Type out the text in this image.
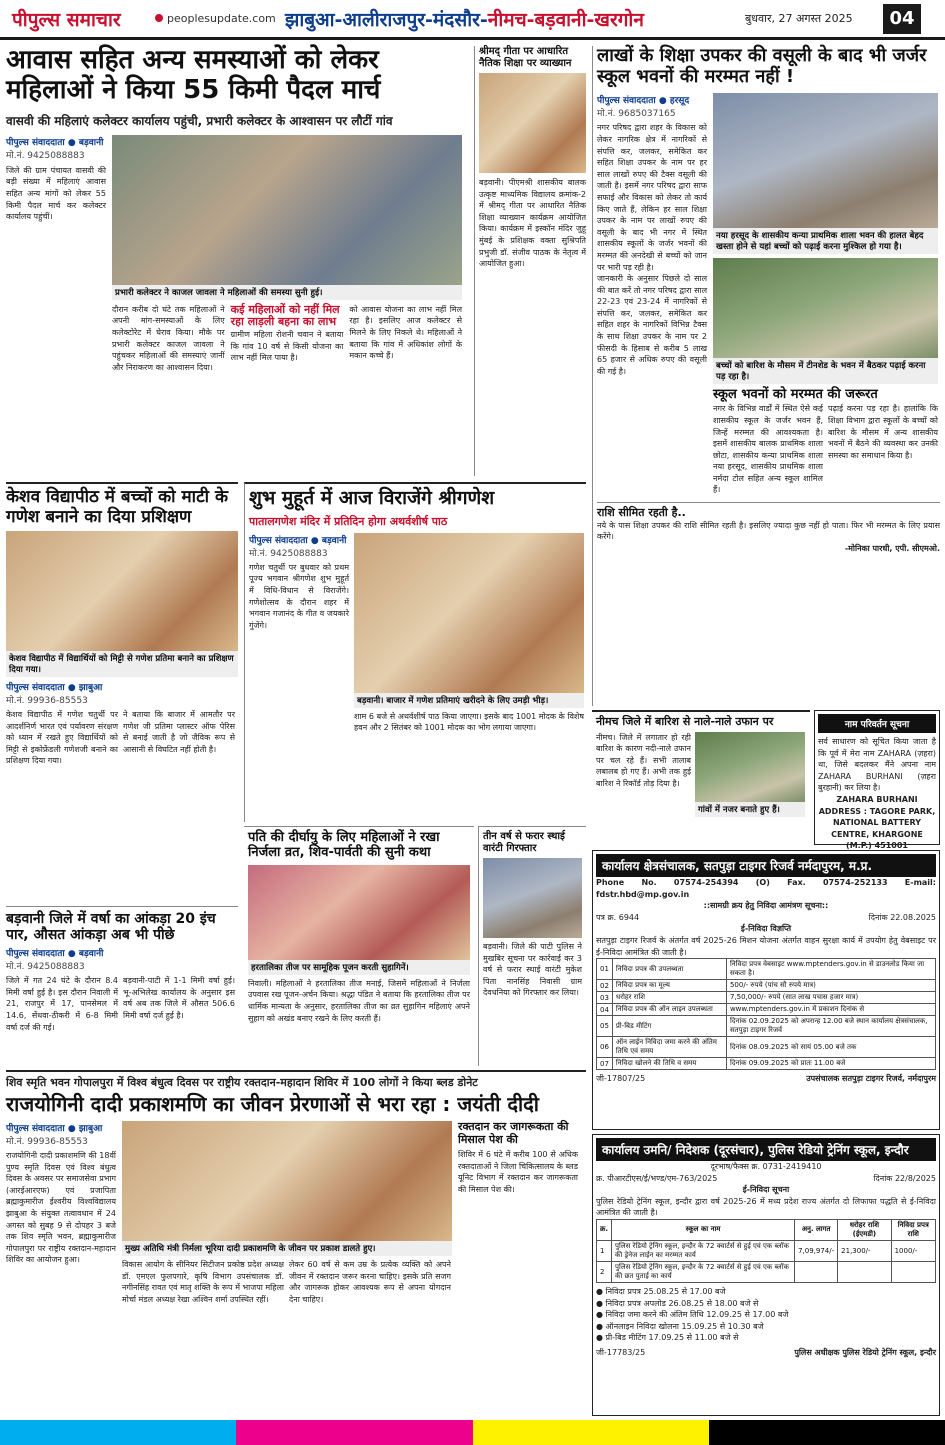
पीपुल्स समाचार	peoplesupdate.com झाबुआ-आलीराजपुर-मंदसौर-नीमच-बड़वानी-खरगोन	बुधवार, 27 अगस्त 2025	04
आवास सहित अन्य समस्याओं को लेकर महिलाओं ने किया 55 किमी पैदल मार्च
वासवी की महिलाएं कलेक्टर कार्यालय पहुंची, प्रभारी कलेक्टर के आश्वासन पर लौटीं गांव
पीपुल्स संवाददाता ● बड़वानी
मो.नं. 9425088883
जिले की ग्राम पंचायत वासवी की बड़ी संख्या में महिलाएं आवास सहित अन्य मांगों को लेकर 55 किमी पैदल मार्च कर कलेक्टर कार्यालय पहुंचीं।
प्रभारी कलेक्टर ने काजल जावला ने महिलाओं की समस्या सुनी हुई।
दौरान करीब दो घंटे तक महिलाओं ने अपनी मांग-समस्याओं के लिए कलेक्टोरेट में घेराव किया। मौके पर प्रभारी कलेक्टर काजल जावला ने पहुंचकर महिलाओं की समस्याएं जानीं और निराकरण का आश्वासन दिया।
कई महिलाओं को नहीं मिल रहा लाड़ली बहना का लाभ
ग्रामीण महिला रोशनी चवान ने बताया कि गांव 10 वर्ष से किसी योजना का लाभ नहीं मिल पाया है।
को आवास योजना का लाभ नहीं मिल रहा है। इसलिए आज कलेक्टर से मिलने के लिए निकले थे। महिलाओं ने बताया कि गांव में अधिकांश लोगों के मकान कच्चे हैं।
श्रीमद् गीता पर आधारित नैतिक शिक्षा पर व्याख्यान
बड़वानी। पीएमश्री शासकीय बालक उत्कृष्ट माध्यमिक विद्यालय क्रमांक-2 में श्रीमद् गीता पर आधारित नैतिक शिक्षा व्याख्यान कार्यक्रम आयोजित किया। कार्यक्रम में इस्कॉन मंदिर जुहू मुंबई के प्रशिक्षक वक्ता सुश्रिपति प्रभुजी डॉ. संजीव पाठक के नेतृत्व में आयोजित हुआ।
लाखों के शिक्षा उपकर की वसूली के बाद भी जर्जर स्कूल भवनों की मरम्मत नहीं !
पीपुल्स संवाददाता ● हरसूद
मो.नं. 9685037165
नगर परिषद द्वारा शहर के विकास को लेकर नागरिक क्षेत्र में नागरिकों से संपत्ति कर, जलकर, समेकित कर सहित शिक्षा उपकर के नाम पर हर साल लाखों रुपए की टैक्स वसूली की जाती है। इसमें नगर परिषद द्वारा साफ सफाई और विकास को लेकर तो कार्य किए जाते हैं, लेकिन हर साल शिक्षा उपकर के नाम पर लाखों रुपए की वसूली के बाद भी नगर में स्थित शासकीय स्कूलों के जर्जर भवनों की मरम्मत की अनदेखी से बच्चों को जान पर भारी पड़ रही है।
जानकारी के अनुसार पिछले दो साल की बात करें तो नगर परिषद द्वारा साल 22-23 एवं 23-24 में नागरिकों से संपत्ति कर, जलकर, समेकित कर सहित शहर के नागरिकों विभिन्न टैक्स के साथ शिक्षा उपकर के नाम पर 2 फीसदी के हिसाब से करीब 5 लाख 65 हजार से अधिक रुपए की वसूली की गई है।
नया हरसूद के शासकीय कन्या प्राथमिक शाला भवन की हालत बेहद खस्ता होने से यहां बच्चों को पढ़ाई करना मुश्किल हो गया है।
बच्चों को बारिश के मौसम में टीनशेड के भवन में बैठकर पढ़ाई करना पड़ रहा है।
स्कूल भवनों को मरम्मत की जरूरत
नगर के विभिन्न वार्डों में स्थित ऐसे कई शासकीय स्कूल के जर्जर भवन हैं, जिन्हें मरम्मत की आवश्यकता है। इसमें शासकीय बालक प्राथमिक शाला छोटा, शासकीय कन्या प्राथमिक शाला नया हरसूद, शासकीय प्राथमिक शाला नर्मदा टोल सहित अन्य स्कूल शामिल हैं।
पढ़ाई करना पड़ रहा है। हालांकि कि शिक्षा विभाग द्वारा स्कूलों के बच्चों को बारिश के मौसम में अन्य शासकीय भवनों में बैठने की व्यवस्था कर उनकी समस्या का समाधान किया है।
राशि सीमित रहती है..
नये के पास शिक्षा उपकर की राशि सीमित रहती है। इसलिए ज्यादा कुछ नहीं हो पाता। फिर भी मरम्मत के लिए प्रयास करेंगे।
-मोनिका पारधी, एपी. सीएमओ.
केशव विद्यापीठ में बच्चों को माटी के गणेश बनाने का दिया प्रशिक्षण
केशव विद्यापीठ में विद्यार्थियों को मिट्टी से गणेश प्रतिमा बनाने का प्रशिक्षण दिया गया।
पीपुल्स संवाददाता ● झाबुआ
मो.नं. 99936-85553
केशव विद्यापीठ में गणेश चतुर्थी पर आदर्शनिर्ण भारत एवं पर्यावरण संरक्षण को ध्यान में रखते हुए विद्यार्थियों को मिट्टी से इकोफ्रेंडली गणेशजी बनाने का प्रशिक्षण दिया गया।
ने बताया कि बाजार में आमतौर पर गणेश जी प्रतिमा प्लास्टर ऑफ पेरिस से बनाई जाती है जो जैविक रूप से आसानी से विघटित नहीं होती है।
शुभ मुहूर्त में आज विराजेंगे श्रीगणेश
पातालगणेश मंदिर में प्रतिदिन होगा अथर्वशीर्ष पाठ
पीपुल्स संवाददाता ● बड़वानी
मो.नं. 9425088883
गणेश चतुर्थी पर बुधवार को प्रथम पूज्य भगवान श्रीगणेश शुभ मुहूर्त में विधि-विधान से विराजेंगे। गणेशोत्सव के दौरान शहर में भगवान गजानंद के गीत व जयकारे गुंजेंगे।
बड़वानी। बाजार में गणेश प्रतिमाएं खरीदने के लिए उमड़ी भीड़।
शाम 6 बजे से अथर्वशीर्ष पाठ किया जाएगा। इसके बाद 1001 मोदक के विशेष हवन और 2 सितंबर को 1001 मोदक का भोग लगाया जाएगा।
पति की दीर्घायु के लिए महिलाओं ने रखा निर्जला व्रत, शिव-पार्वती की सुनी कथा
हरतालिका तीज पर सामूहिक पूजन करती सुहागिनें।
निवाली। महिलाओं ने हरतालिका तीज मनाई, जिसमें महिलाओं ने निर्जला उपवास रख पूजन-अर्चन किया। श्रद्धा पंडित ने बताया कि हरतालिका तीज पर धार्मिक मान्यता के अनुसार, हरतालिका तीज का व्रत सुहागिन महिलाएं अपने सुहाग को अखंड बनाए रखने के लिए करती हैं।
तीन वर्ष से फरार स्थाई वारंटी गिरफ्तार
बड़वानी। जिले की पाटी पुलिस ने मुखबिर सूचना पर कार्रवाई कर 3 वर्ष से फरार स्थाई वारंटी मुकेश पिता नानसिंह निवासी ग्राम देवधनिया को गिरफ्तार कर लिया।
बड़वानी जिले में वर्षा का आंकड़ा 20 इंच पार, औसत आंकड़ा अब भी पीछे
पीपुल्स संवाददाता ● बड़वानी
मो.नं. 9425088883
जिले में गत 24 घंटे के दौरान 8.4 मिमी वर्षा हुई है। इस दौरान निवाली में 21, राजपुर में 17, पानसेमल में 14.6, सेंधवा-ठीकरी में 6-8 मिमी वर्षा दर्ज की गई।
बड़वानी-पाटी में 1-1 मिमी वर्षा हुई। भू-अभिलेख कार्यालय के अनुसार इस वर्ष अब तक जिले में औसत 506.6 मिमी वर्षा दर्ज हुई है।
नीमच जिले में बारिश से नाले-नाले उफान पर
नीमच। जिले में लगातार हो रही बारिश के कारण नदी-नाले उफान पर चल रहे हैं। सभी तालाब लबालब हो गए हैं। अभी तक हुई बारिश ने रिकॉर्ड तोड़ दिया है।
गांवों में नजर बनाते हुए हैं।
नाम परिवर्तन सूचना
सर्व साधारण को सूचित किया जाता है कि पूर्व में मेरा नाम ZAHARA (ज़हरा) था, जिसे बदलकर मैंने अपना नाम ZAHARA BURHANI (ज़हरा बुरहानी) कर लिया है।
ZAHARA BURHANI ADDRESS : TAGORE PARK, NATIONAL BATTERY CENTRE, KHARGONE (M.P.) 451001
कार्यालय क्षेत्रसंचालक, सतपुड़ा टाइगर रिजर्व नर्मदापुरम, म.प्र.
Phone No. 07574-254394 (O) Fax. 07574-252133 E-mail: fdstr.hbd@mp.gov.in
::सामग्री क्रय हेतु निविदा आमंत्रण सूचना::
पत्र क्र. 6944	दिनांक 22.08.2025
ई-निविदा विज्ञप्ति
सतपुड़ा टाइगर रिजर्व के अंतर्गत वर्ष 2025-26 मिशन योजना अंतर्गत वाहन सुरक्षा कार्य में उपयोग हेतु वेबसाइट पर ई-निविदा आमंत्रित की जाती है।
01	निविदा प्रपत्र की उपलब्धता	निविदा प्रपत्र वेबसाइट www.mptenders.gov.in से डाउनलोड किया जा सकता है।
02	निविदा प्रपत्र का मूल्य	500/- रुपये (पांच सौ रुपये मात्र)
03	धरोहर राशि	7,50,000/- रुपये (सात लाख पचास हजार मात्र)
04	निविदा प्रपत्र की ऑन लाइन उपलब्धता	www.mptenders.gov.in में प्रकाशन दिनांक से
05	प्री-बिड मीटिंग	दिनांक 02.09.2025 को अपरान्ह 12.00 बजे स्थान कार्यालय क्षेत्रसंचालक, सतपुड़ा टाइगर रिजर्व
06	ऑन लाईन निविदा जमा करने की अंतिम तिथि एवं समय	दिनांक 08.09.2025 को सायं 05.00 बजे तक
07	निविदा खोलने की तिथि व समय	दिनांक 09.09.2025 को प्रातः 11.00 बजे
जी-17807/25	उपसंचालक सतपुड़ा टाइगर रिजर्व, नर्मदापुरम
कार्यालय उमनि/ निदेशक (दूरसंचार), पुलिस रेडियो ट्रेनिंग स्कूल, इन्दौर
दूरभाष/फैक्स क्र. 0731-2419410
क्र. पीआरटीएस/ई/भण्ड/एम-763/2025	दिनांक 22/8/2025
ई-निविदा सूचना
पुलिस रेडियो ट्रेनिंग स्कूल, इन्दौर द्वारा वर्ष 2025-26 में मध्य प्रदेश राज्य अंतर्गत दो लिफाफा पद्धति से ई-निविदा आमंत्रित की जाती है।
क्र.	स्कूल का नाम	अनु. लागत	धरोहर राशि (ईएमडी)	निविदा प्रपत्र राशि
1	पुलिस रेडियो ट्रेनिंग स्कूल, इन्दौर के 72 क्वार्टर्स से हुई एवं एक ब्लॉक की ड्रेनेज लाईन का मरम्मत कार्य	7,09,974/-	21,300/-	1000/-
2	पुलिस रेडियो ट्रेनिंग स्कूल, इन्दौर के 72 क्वार्टर्स से हुई एवं एक ब्लॉक की छत पुताई का कार्य			
● निविदा प्रपत्र 25.08.25 से 17.00 बजे
● निविदा प्रपत्र अपलोड 26.08.25 से 18.00 बजे से
● निविदा जमा करने की अंतिम तिथि 12.09.25 से 17.00 बजे
● ऑनलाइन निविदा खोलना 15.09.25 से 10.30 बजे
● प्री-बिड मीटिंग 17.09.25 से 11.00 बजे से
जी-17783/25	पुलिस अधीक्षक पुलिस रेडियो ट्रेनिंग स्कूल, इन्दौर
शिव स्मृति भवन गोपालपुरा में विश्व बंधुत्व दिवस पर राष्ट्रीय रक्तदान-महादान शिविर में 100 लोगों ने किया ब्लड डोनेट
राजयोगिनी दादी प्रकाशमणि का जीवन प्रेरणाओं से भरा रहा : जयंती दीदी
पीपुल्स संवाददाता ● झाबुआ
मो.नं. 99936-85553
राजयोगिनी दादी प्रकाशमणि की 18वीं पुण्य स्मृति दिवस एवं विश्व बंधुत्व दिवस के अवसर पर समाजसेवा प्रभाग (आरईआरएफ) एवं प्रजापिता ब्रह्माकुमारीज ईश्वरीय विश्वविद्यालय झाबुआ के संयुक्त तत्वावधान में 24 अगस्त को सुबह 9 से दोपहर 3 बजे तक शिव स्मृति भवन, ब्रह्माकुमारीज गोपालपुरा पर राष्ट्रीय रक्तदान-महादान शिविर का आयोजन हुआ।
मुख्य अतिथि मंत्री निर्मला भूरिया दादी प्रकाशमणि के जीवन पर प्रकाश डालते हुए।
विकास आयोग के सीनियर सिटीजन प्रकोष्ठ प्रदेश अध्यक्ष डॉ. एमएल फुलपगारे, कृषि विभाग उपसंचालक डॉ. नगीनसिंह रावत एवं मातृ शक्ति के रूप में भाजपा महिला मोर्चा मंडल अध्यक्ष रेखा अश्विन शर्मा उपस्थित रहीं।
लेकर 60 वर्ष से कम उम्र के प्रत्येक व्यक्ति को अपने जीवन में रक्तदान जरूर करना चाहिए। इसके प्रति सजग और जागरूक होकर आवश्यक रूप से अपना योगदान देना चाहिए।
रक्तदान कर जागरूकता की मिसाल पेश की
शिविर में 6 घंटे में करीब 100 से अधिक रक्तदाताओं ने जिला चिकित्सालय के ब्लड यूनिट विभाग में रक्तदान कर जागरूकता की मिसाल पेश की।
